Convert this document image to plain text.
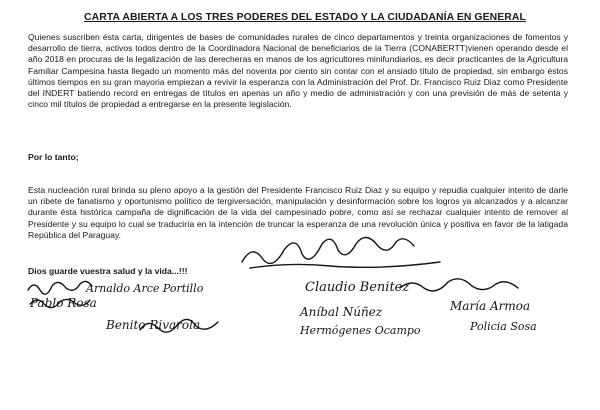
CARTA ABIERTA A LOS TRES PODERES DEL ESTADO Y LA CIUDADANÍA EN GENERAL
Quienes suscriben ésta carta, dirigentes de bases de comunidades rurales de cinco departamentos y treinta organizaciones de fomentos y desarrollo de tierra, activos todos dentro de la Coordinadora Nacional de beneficiarios de la Tierra (CONABERTT)vienen operando desde el año 2018 en procuras de la legalización de las derecheras en manos de los agricultores minifundiarios, es decir practicantes de la Agricultura Familiar Campesina hasta llegado un momento más del noventa por ciento sin contar con el ansiado título de propiedad, sin embargo éstos últimos tiempos en su gran mayoria empiezan a revivir la esperanza con la Administración del Prof. Dr. Francisco Ruiz Diaz como Presidente del INDERT batiendo record en entregas de títulos en apenas un año y medio de administración y con una previsión de más de setenta y cinco mil títulos de propiedad a entregarse en la presente legislación.
Por lo tanto;
Esta nucleación rural brinda su pleno apoyo a la gestión del Presidente Francisco Ruiz Diaz y su equipo y repudia cualquier intento de darle un ribete de fanatismo y oportunismo político de tergiversación, manipulación y desinformación sobre los logros ya alcanzados y a alcanzar durante ésta histórica campaña de dignificación de la vida del campesinado pobre, como así se rechazar cualquier intento de remover al Presidente y su equipo lo cual se traduciría en la intención de truncar la esperanza de una revolución única y positiva en favor de la latigada República del Paraguay.
Dios guarde vuestra salud y la vida...!!!
Pablo Rosa
Arnaldo Arce Portillo	Claudio Benitez
Aníbal Núñez
Benito Rivarola
María Armoa
Policia Sosa
Hermógenes Ocampo
